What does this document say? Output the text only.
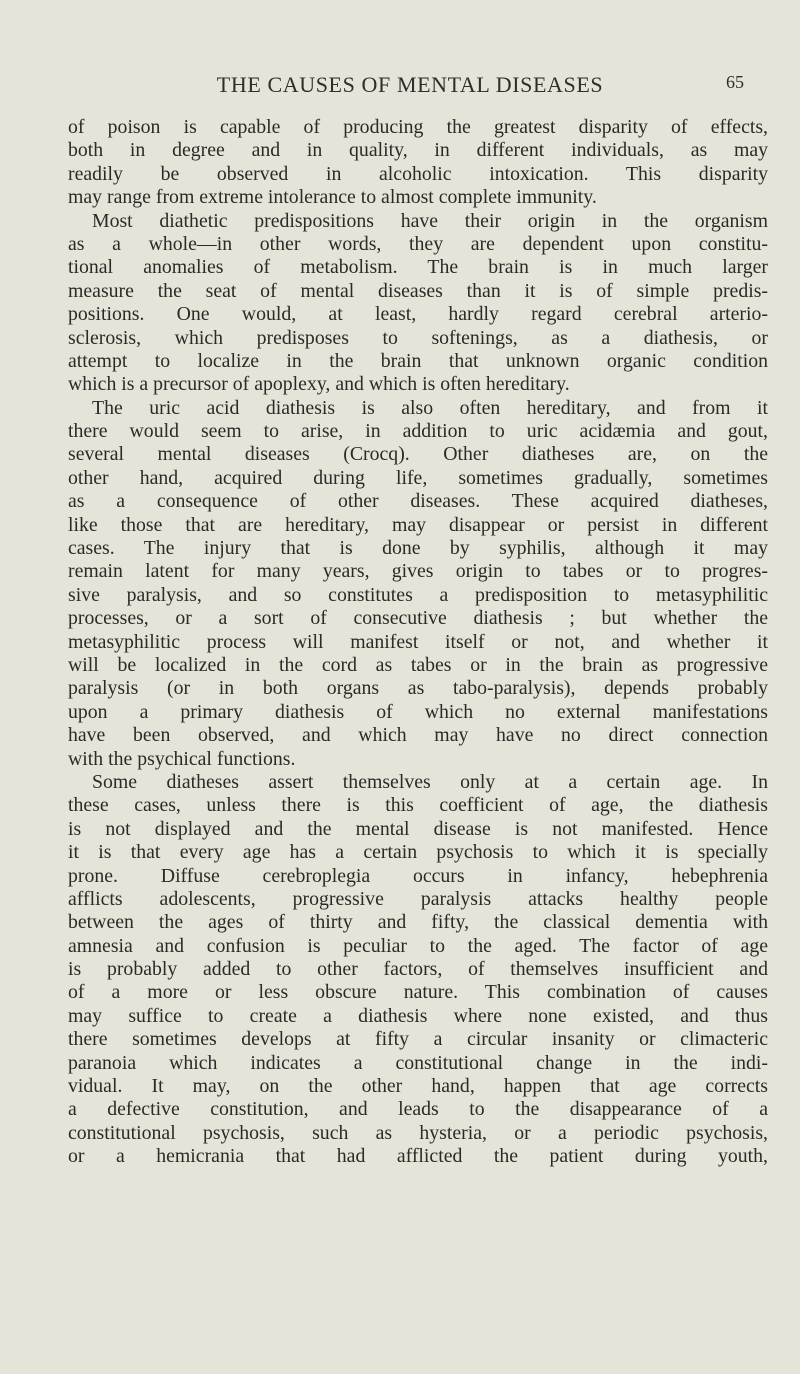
THE CAUSES OF MENTAL DISEASES	65
of poison is capable of producing the greatest disparity of effects,
both in degree and in quality, in different individuals, as may
readily be observed in alcoholic intoxication. This disparity
may range from extreme intolerance to almost complete immunity.
Most diathetic predispositions have their origin in the organism
as a whole—in other words, they are dependent upon constitu-
tional anomalies of metabolism. The brain is in much larger
measure the seat of mental diseases than it is of simple predis-
positions. One would, at least, hardly regard cerebral arterio-
sclerosis, which predisposes to softenings, as a diathesis, or
attempt to localize in the brain that unknown organic condition
which is a precursor of apoplexy, and which is often hereditary.
The uric acid diathesis is also often hereditary, and from it
there would seem to arise, in addition to uric acidæmia and gout,
several mental diseases (Crocq). Other diatheses are, on the
other hand, acquired during life, sometimes gradually, sometimes
as a consequence of other diseases. These acquired diatheses,
like those that are hereditary, may disappear or persist in different
cases. The injury that is done by syphilis, although it may
remain latent for many years, gives origin to tabes or to progres-
sive paralysis, and so constitutes a predisposition to metasyphilitic
processes, or a sort of consecutive diathesis ; but whether the
metasyphilitic process will manifest itself or not, and whether it
will be localized in the cord as tabes or in the brain as progressive
paralysis (or in both organs as tabo-paralysis), depends probably
upon a primary diathesis of which no external manifestations
have been observed, and which may have no direct connection
with the psychical functions.
Some diatheses assert themselves only at a certain age. In
these cases, unless there is this coefficient of age, the diathesis
is not displayed and the mental disease is not manifested. Hence
it is that every age has a certain psychosis to which it is specially
prone. Diffuse cerebroplegia occurs in infancy, hebephrenia
afflicts adolescents, progressive paralysis attacks healthy people
between the ages of thirty and fifty, the classical dementia with
amnesia and confusion is peculiar to the aged. The factor of age
is probably added to other factors, of themselves insufficient and
of a more or less obscure nature. This combination of causes
may suffice to create a diathesis where none existed, and thus
there sometimes develops at fifty a circular insanity or climacteric
paranoia which indicates a constitutional change in the indi-
vidual. It may, on the other hand, happen that age corrects
a defective constitution, and leads to the disappearance of a
constitutional psychosis, such as hysteria, or a periodic psychosis,
or a hemicrania that had afflicted the patient during youth,
